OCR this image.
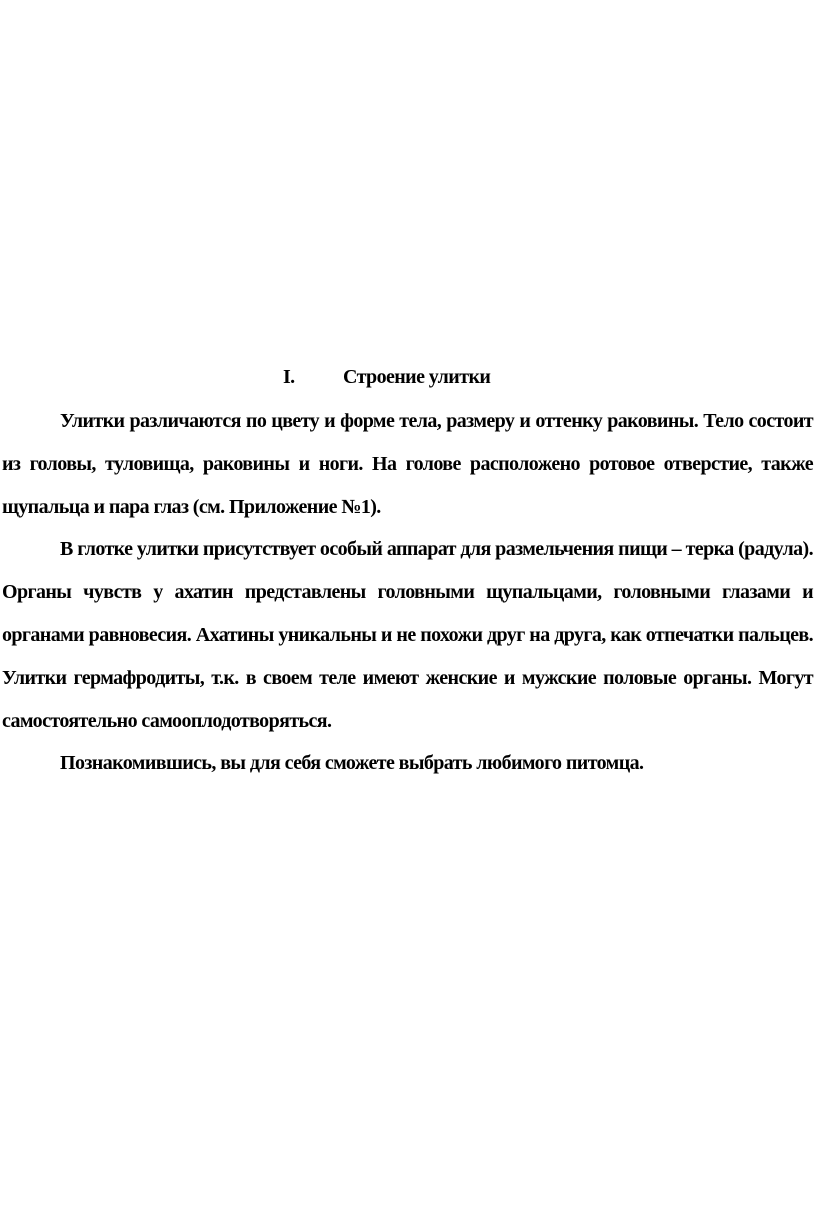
I. Строение улитки

Улитки различаются по цвету и форме тела, размеру и оттенку раковины. Тело состоит из головы, туловища, раковины и ноги. На голове расположено ротовое отверстие, также щупальца и пара глаз (см. Приложение №1).

В глотке улитки присутствует особый аппарат для размельчения пищи – терка (радула). Органы чувств у ахатин представлены головными щупальцами, головными глазами и органами равновесия. Ахатины уникальны и не похожи друг на друга, как отпечатки пальцев. Улитки гермафродиты, т.к. в своем теле имеют женские и мужские половые органы. Могут самостоятельно самооплодотворяться.

Познакомившись, вы для себя сможете выбрать любимого питомца.
